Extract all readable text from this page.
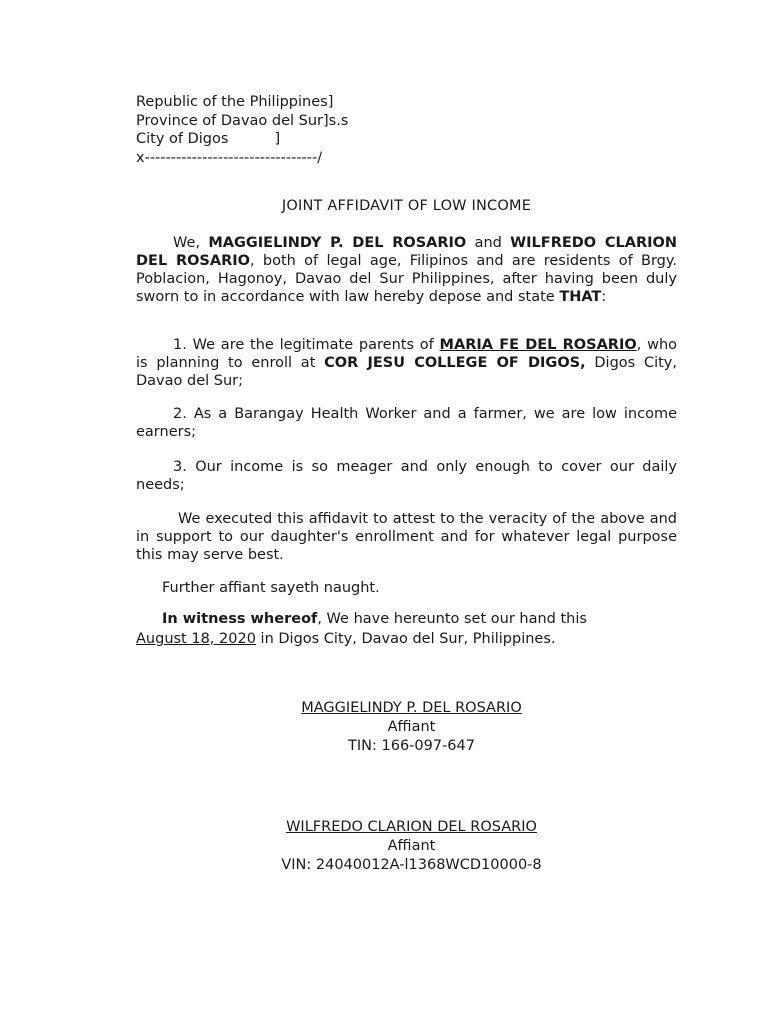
Republic of the Philippines]
Province of Davao del Sur]s.s
City of Digos          ]
x---------------------------------/
JOINT AFFIDAVIT OF LOW INCOME
We, MAGGIELINDY P. DEL ROSARIO and WILFREDO CLARION DEL ROSARIO, both of legal age, Filipinos and are residents of Brgy. Poblacion, Hagonoy, Davao del Sur Philippines, after having been duly sworn to in accordance with law hereby depose and state THAT:
1. We are the legitimate parents of MARIA FE DEL ROSARIO, who is planning to enroll at COR JESU COLLEGE OF DIGOS, Digos City, Davao del Sur;
2. As a Barangay Health Worker and a farmer, we are low income earners;
3. Our income is so meager and only enough to cover our daily needs;
We executed this affidavit to attest to the veracity of the above and in support to our daughter's enrollment and for whatever legal purpose this may serve best.
Further affiant sayeth naught.
In witness whereof, We have hereunto set our hand this
August 18, 2020 in Digos City, Davao del Sur, Philippines.
MAGGIELINDY P. DEL ROSARIO
Affiant
TIN: 166-097-647
WILFREDO CLARION DEL ROSARIO
Affiant
VIN: 24040012A-l1368WCD10000-8
